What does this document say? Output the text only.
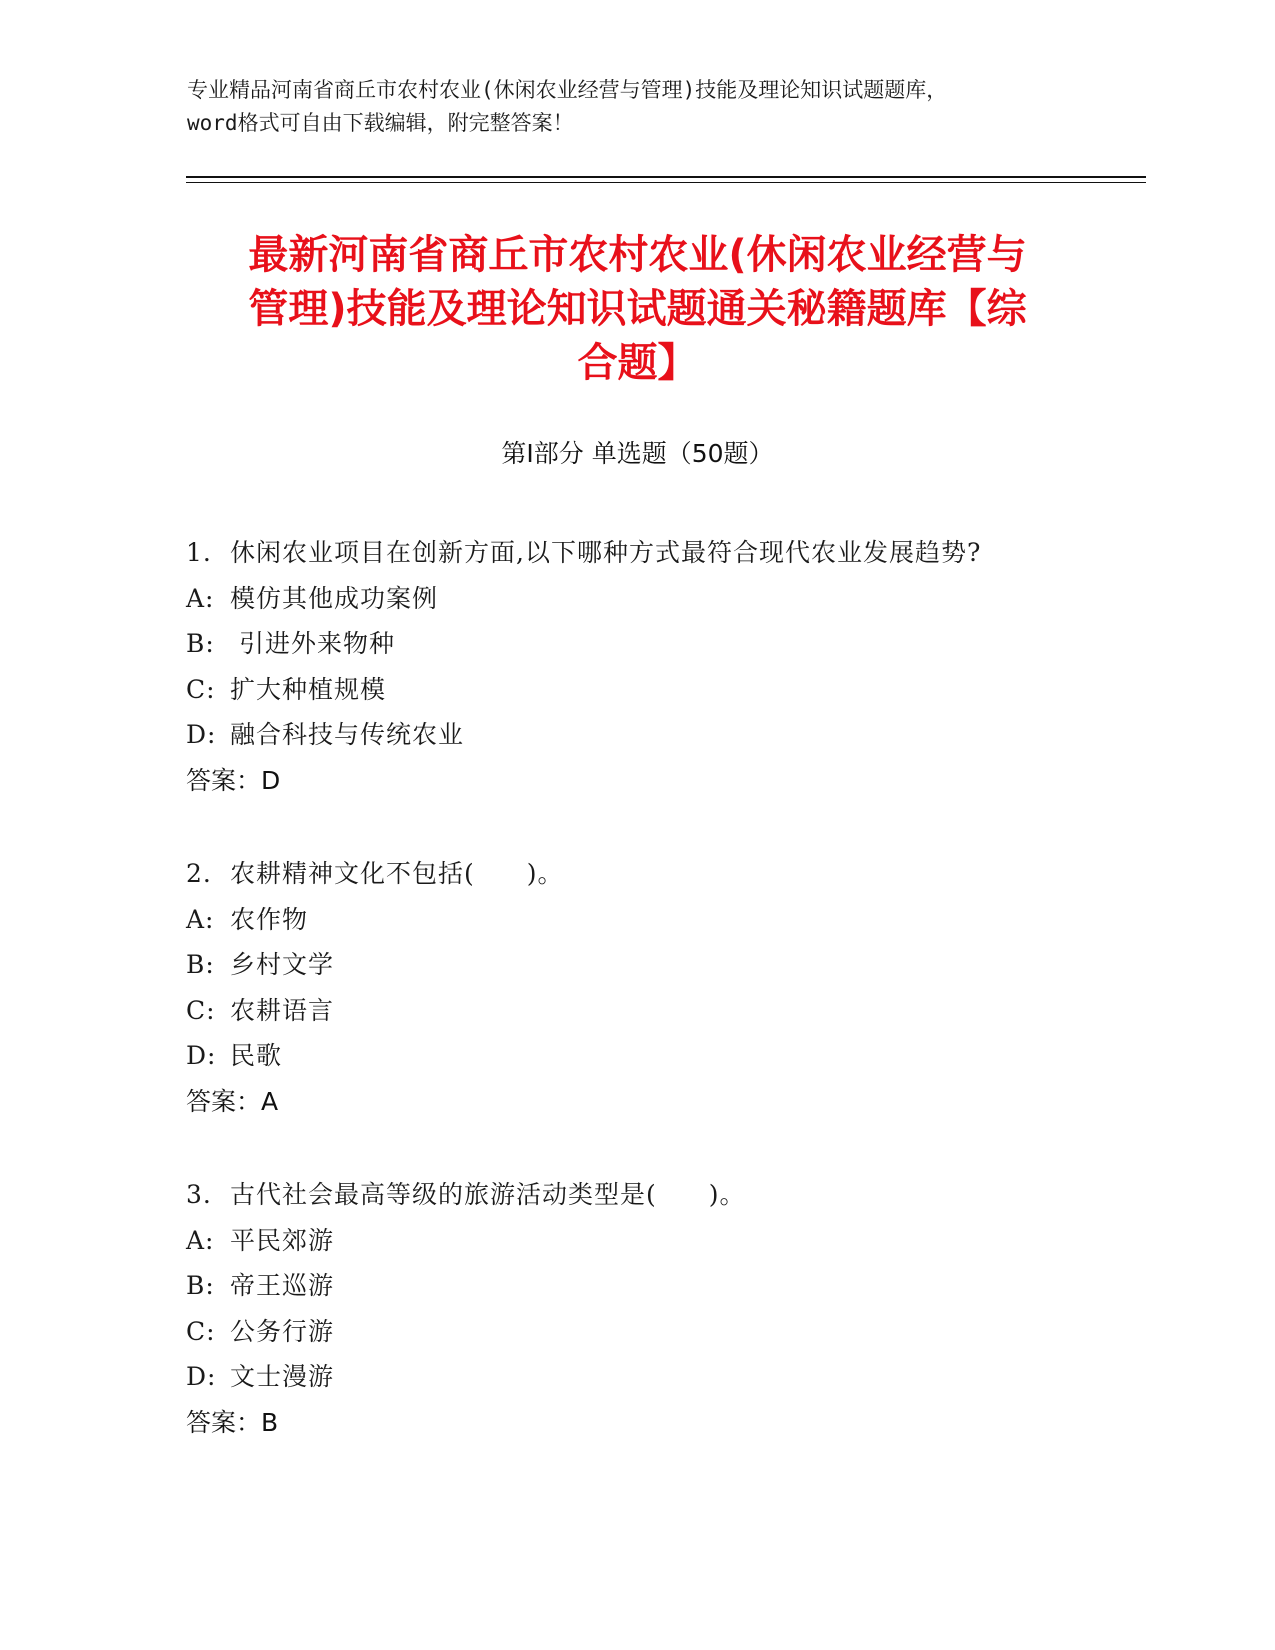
专业精品河南省商丘市农村农业(休闲农业经营与管理)技能及理论知识试题题库，
word格式可自由下载编辑，附完整答案！
最新河南省商丘市农村农业(休闲农业经营与
管理)技能及理论知识试题通关秘籍题库【综
合题】
第Ⅰ部分 单选题（50题）
1. 休闲农业项目在创新方面,以下哪种方式最符合现代农业发展趋势?
A: 模仿其他成功案例
B: 引进外来物种
C: 扩大种植规模
D: 融合科技与传统农业
答案：D
2. 农耕精神文化不包括(　　)。
A: 农作物
B: 乡村文学
C: 农耕语言
D: 民歌
答案：A
3. 古代社会最高等级的旅游活动类型是(　　)。
A: 平民郊游
B: 帝王巡游
C: 公务行游
D: 文士漫游
答案：B
